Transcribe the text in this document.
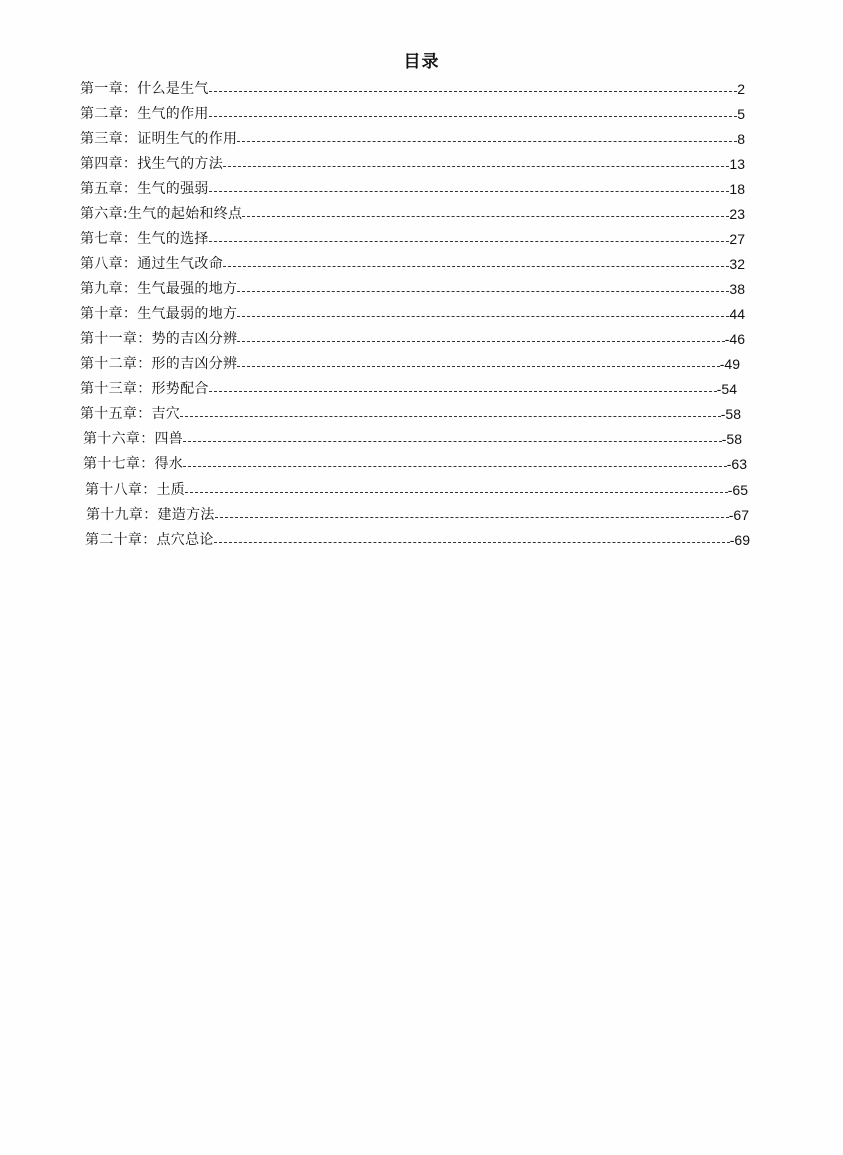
目录
第一章：什么是生气	2
第二章：生气的作用	5
第三章：证明生气的作用	8
第四章：找生气的方法	13
第五章：生气的强弱	18
第六章:生气的起始和终点	23
第七章：生气的选择	27
第八章：通过生气改命	32
第九章：生气最强的地方	38
第十章：生气最弱的地方	44
第十一章：势的吉凶分辨	- 46
第十二章：形的吉凶分辨	- 49
第十三章：形势配合	- 54
第十五章：吉穴	- 58
第十六章：四兽	- 58
第十七章：得水	- 63
第十八章：土质	- 65
第十九章：建造方法	- 67
第二十章：点穴总论	- 69
